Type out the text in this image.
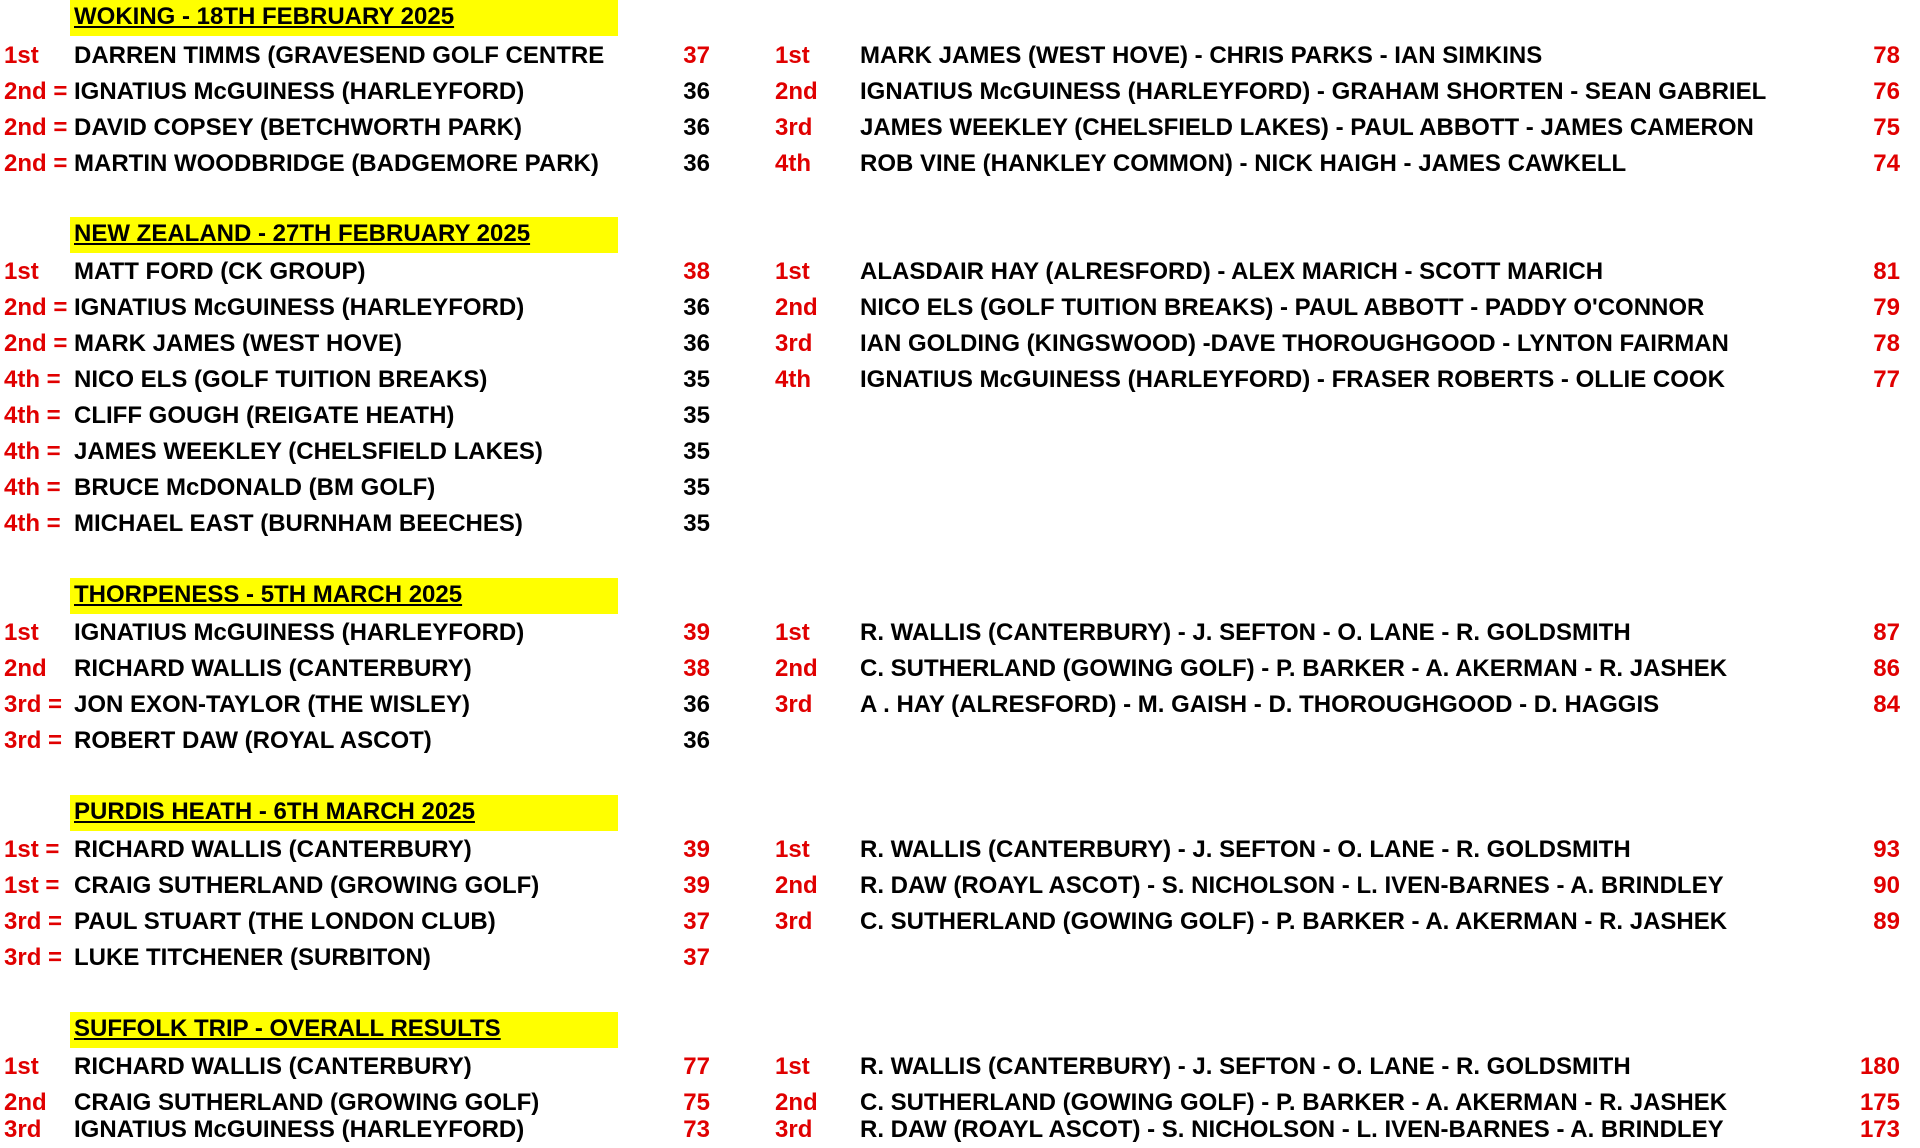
WOKING - 18TH FEBRUARY 2025
1st DARREN TIMMS (GRAVESEND GOLF CENTRE	37	1st MARK JAMES (WEST HOVE) - CHRIS PARKS - IAN SIMKINS	78
2nd = IGNATIUS McGUINESS (HARLEYFORD)	36	2nd IGNATIUS McGUINESS (HARLEYFORD) - GRAHAM SHORTEN - SEAN GABRIEL	76
2nd = DAVID COPSEY (BETCHWORTH PARK)	36	3rd JAMES WEEKLEY (CHELSFIELD LAKES) - PAUL ABBOTT - JAMES CAMERON	75
2nd = MARTIN WOODBRIDGE (BADGEMORE PARK)	36	4th ROB VINE (HANKLEY COMMON) - NICK HAIGH - JAMES CAWKELL	74
NEW ZEALAND - 27TH FEBRUARY 2025
1st MATT FORD (CK GROUP)	38	1st ALASDAIR HAY (ALRESFORD) - ALEX MARICH - SCOTT MARICH	81
2nd = IGNATIUS McGUINESS (HARLEYFORD)	36	2nd NICO ELS (GOLF TUITION BREAKS) - PAUL ABBOTT - PADDY O'CONNOR	79
2nd = MARK JAMES (WEST HOVE)	36	3rd IAN GOLDING (KINGSWOOD) -DAVE THOROUGHGOOD - LYNTON FAIRMAN	78
4th = NICO ELS (GOLF TUITION BREAKS)	35	4th IGNATIUS McGUINESS (HARLEYFORD) - FRASER ROBERTS - OLLIE COOK	77
4th = CLIFF GOUGH (REIGATE HEATH)	35
4th = JAMES WEEKLEY (CHELSFIELD LAKES)	35
4th = BRUCE McDONALD (BM GOLF)	35
4th = MICHAEL EAST (BURNHAM BEECHES)	35
THORPENESS - 5TH MARCH 2025
1st IGNATIUS McGUINESS (HARLEYFORD)	39	1st R. WALLIS (CANTERBURY) - J. SEFTON - O. LANE - R. GOLDSMITH	87
2nd RICHARD WALLIS (CANTERBURY)	38	2nd C. SUTHERLAND (GOWING GOLF) - P. BARKER - A. AKERMAN - R. JASHEK	86
3rd = JON EXON-TAYLOR (THE WISLEY)	36	3rd A . HAY (ALRESFORD) - M. GAISH - D. THOROUGHGOOD - D. HAGGIS	84
3rd = ROBERT DAW (ROYAL ASCOT)	36
PURDIS HEATH - 6TH MARCH 2025
1st = RICHARD WALLIS (CANTERBURY)	39	1st R. WALLIS (CANTERBURY) - J. SEFTON - O. LANE - R. GOLDSMITH	93
1st = CRAIG SUTHERLAND (GROWING GOLF)	39	2nd R. DAW (ROAYL ASCOT) - S. NICHOLSON - L. IVEN-BARNES - A. BRINDLEY	90
3rd = PAUL STUART (THE LONDON CLUB)	37	3rd C. SUTHERLAND (GOWING GOLF) - P. BARKER - A. AKERMAN - R. JASHEK	89
3rd = LUKE TITCHENER (SURBITON)	37
SUFFOLK TRIP - OVERALL RESULTS
1st RICHARD WALLIS (CANTERBURY)	77	1st R. WALLIS (CANTERBURY) - J. SEFTON - O. LANE - R. GOLDSMITH	180
2nd CRAIG SUTHERLAND (GROWING GOLF)	75	2nd C. SUTHERLAND (GOWING GOLF) - P. BARKER - A. AKERMAN - R. JASHEK	175
3rd IGNATIUS McGUINESS (HARLEYFORD)	73	3rd R. DAW (ROAYL ASCOT) - S. NICHOLSON - L. IVEN-BARNES - A. BRINDLEY	173
